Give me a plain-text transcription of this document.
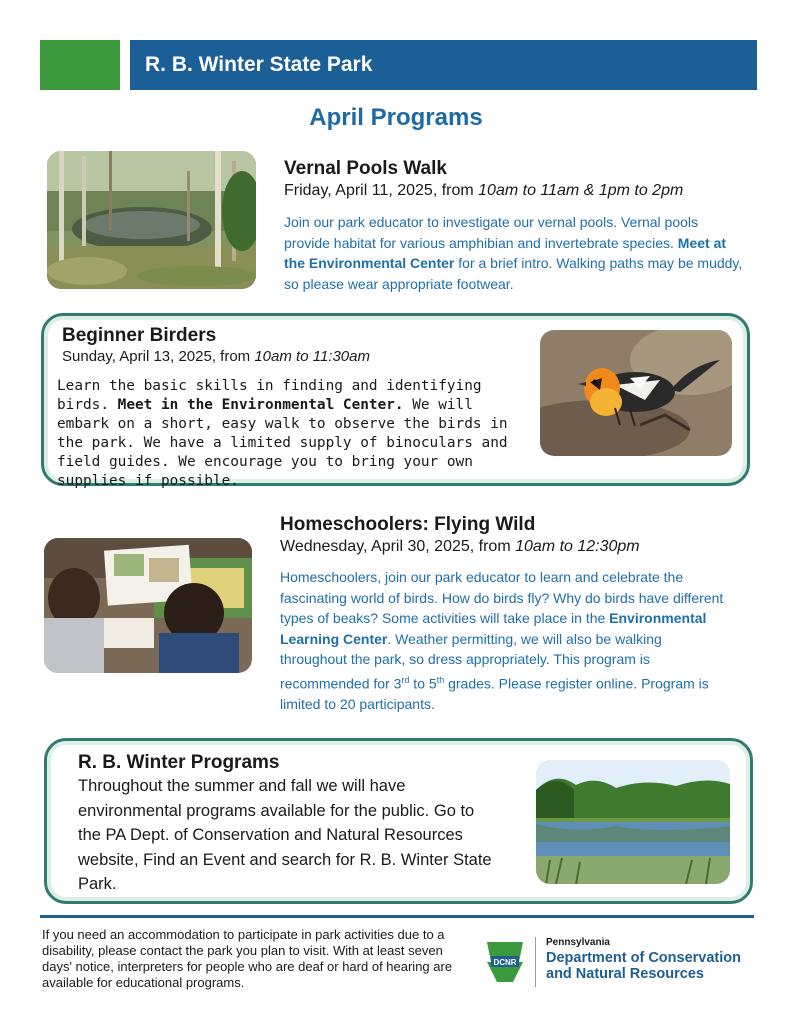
R. B. Winter State Park
April Programs
Vernal Pools Walk
Friday, April 11, 2025, from 10am to 11am & 1pm to 2pm
Join our park educator to investigate our vernal pools. Vernal pools provide habitat for various amphibian and invertebrate species. Meet at the Environmental Center for a brief intro. Walking paths may be muddy, so please wear appropriate footwear.
Beginner Birders
Sunday, April 13, 2025, from 10am to 11:30am
Learn the basic skills in finding and identifying birds. Meet in the Environmental Center. We will embark on a short, easy walk to observe the birds in the park. We have a limited supply of binoculars and field guides. We encourage you to bring your own supplies if possible.
Homeschoolers: Flying Wild
Wednesday, April 30, 2025, from 10am to 12:30pm
Homeschoolers, join our park educator to learn and celebrate the fascinating world of birds. How do birds fly? Why do birds have different types of beaks? Some activities will take place in the Environmental Learning Center. Weather permitting, we will also be walking throughout the park, so dress appropriately. This program is recommended for 3rd to 5th grades. Please register online. Program is limited to 20 participants.
R. B. Winter Programs
Throughout the summer and fall we will have environmental programs available for the public. Go to the PA Dept. of Conservation and Natural Resources website, Find an Event and search for R. B. Winter State Park.
If you need an accommodation to participate in park activities due to a disability, please contact the park you plan to visit. With at least seven days' notice, interpreters for people who are deaf or hard of hearing are available for educational programs.
DCNR
Pennsylvania
Department of Conservation
and Natural Resources
